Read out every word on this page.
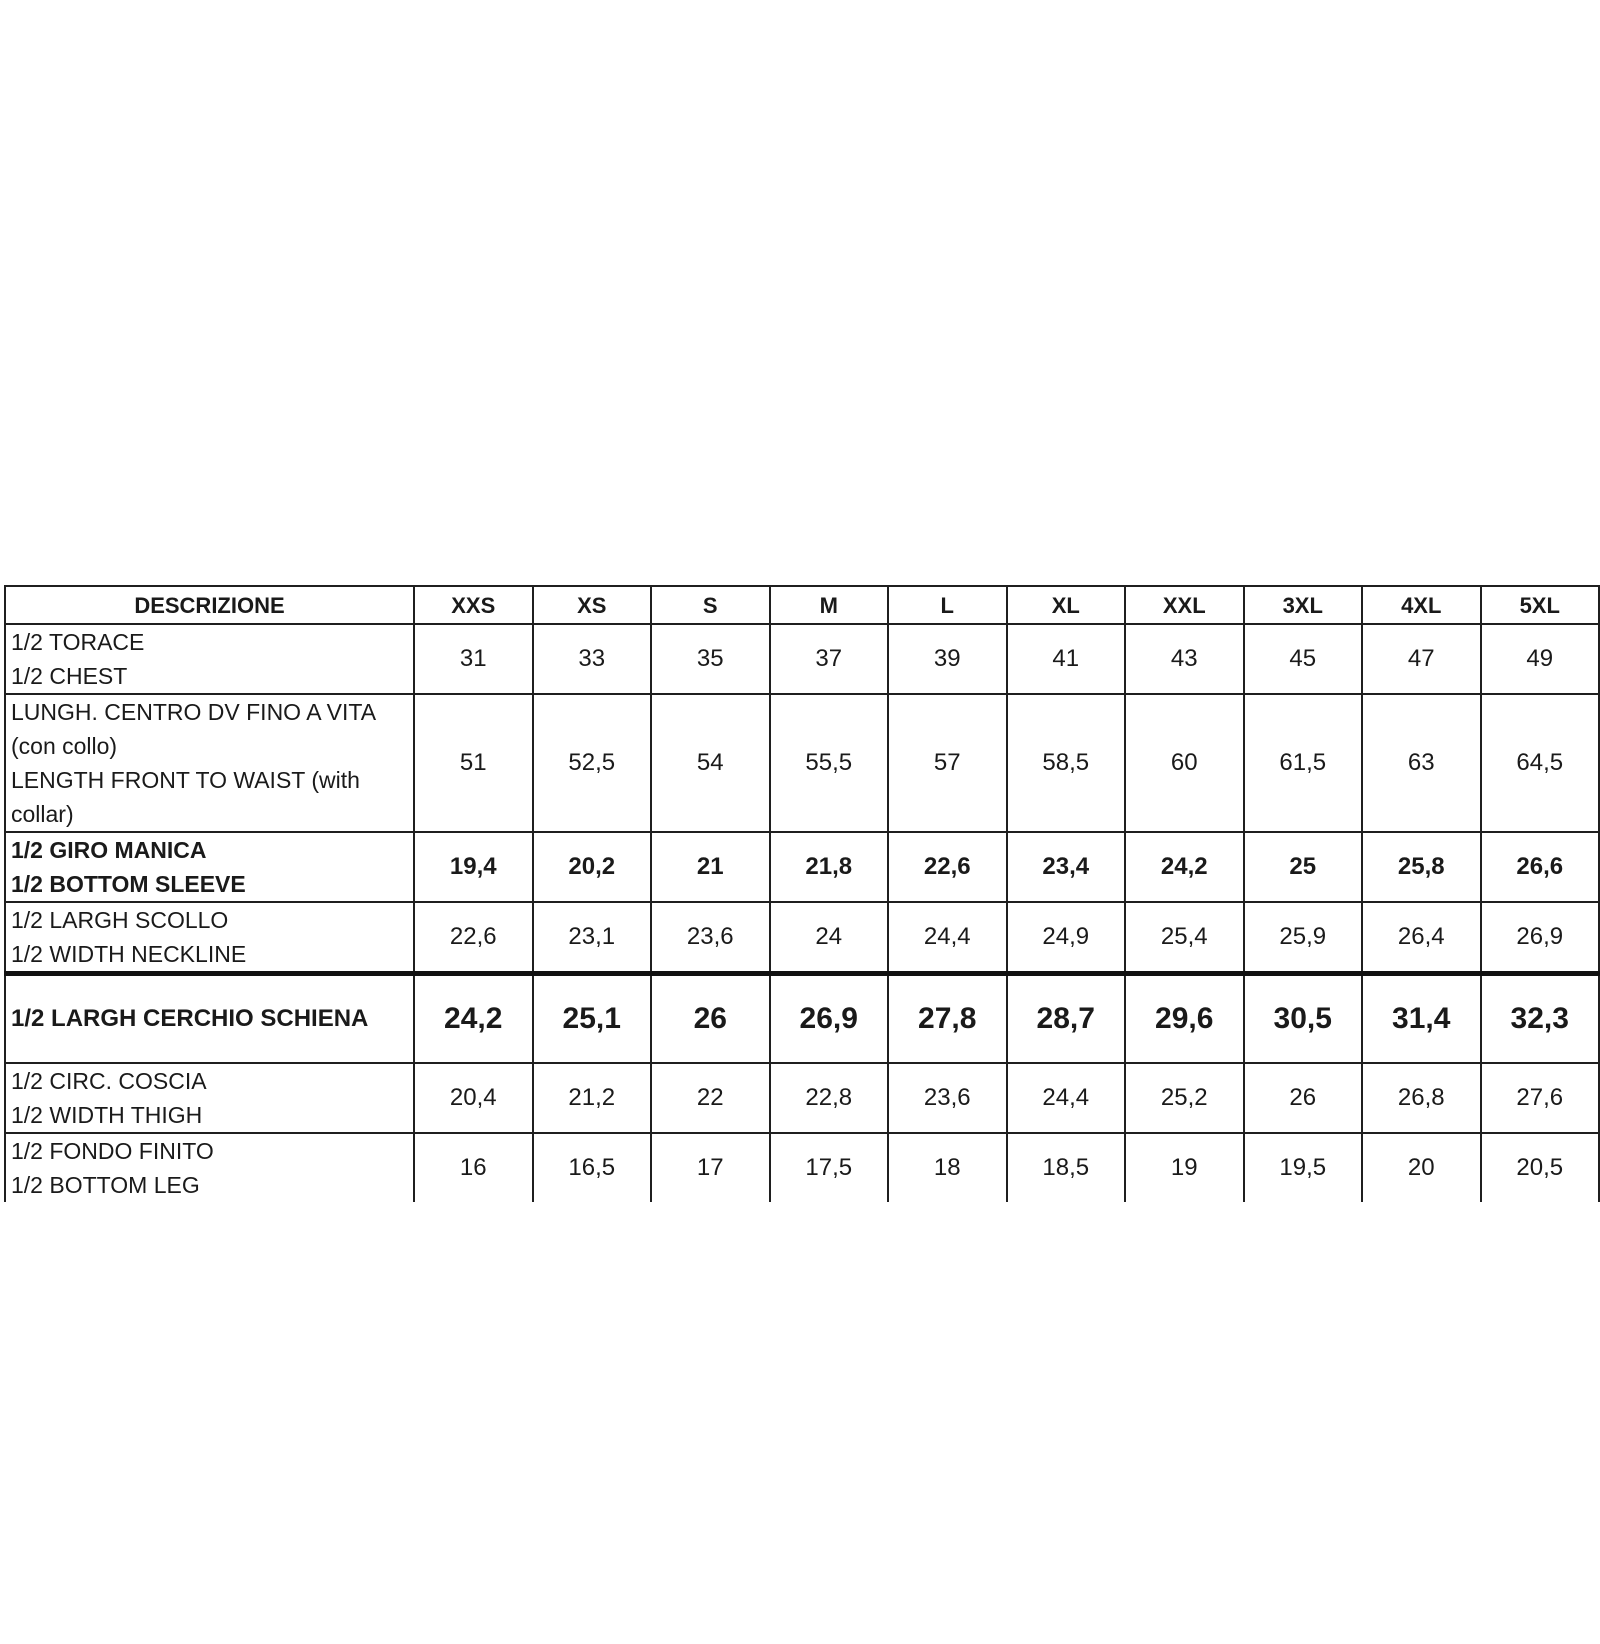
DESCRIZIONE	XXS	XS	S	M	L	XL	XXL	3XL	4XL	5XL

1/2 TORACE
1/2 CHEST	31	33	35	37	39	41	43	45	47	49

LUNGH. CENTRO DV FINO A VITA
(con collo)
LENGTH FRONT TO WAIST (with
collar)	51	52,5	54	55,5	57	58,5	60	61,5	63	64,5

1/2 GIRO MANICA
1/2 BOTTOM SLEEVE	19,4	20,2	21	21,8	22,6	23,4	24,2	25	25,8	26,6

1/2 LARGH SCOLLO
1/2 WIDTH NECKLINE	22,6	23,1	23,6	24	24,4	24,9	25,4	25,9	26,4	26,9

1/2 LARGH CERCHIO SCHIENA	24,2	25,1	26	26,9	27,8	28,7	29,6	30,5	31,4	32,3

1/2 CIRC. COSCIA
1/2 WIDTH THIGH	20,4	21,2	22	22,8	23,6	24,4	25,2	26	26,8	27,6

1/2 FONDO FINITO
1/2 BOTTOM LEG	16	16,5	17	17,5	18	18,5	19	19,5	20	20,5
